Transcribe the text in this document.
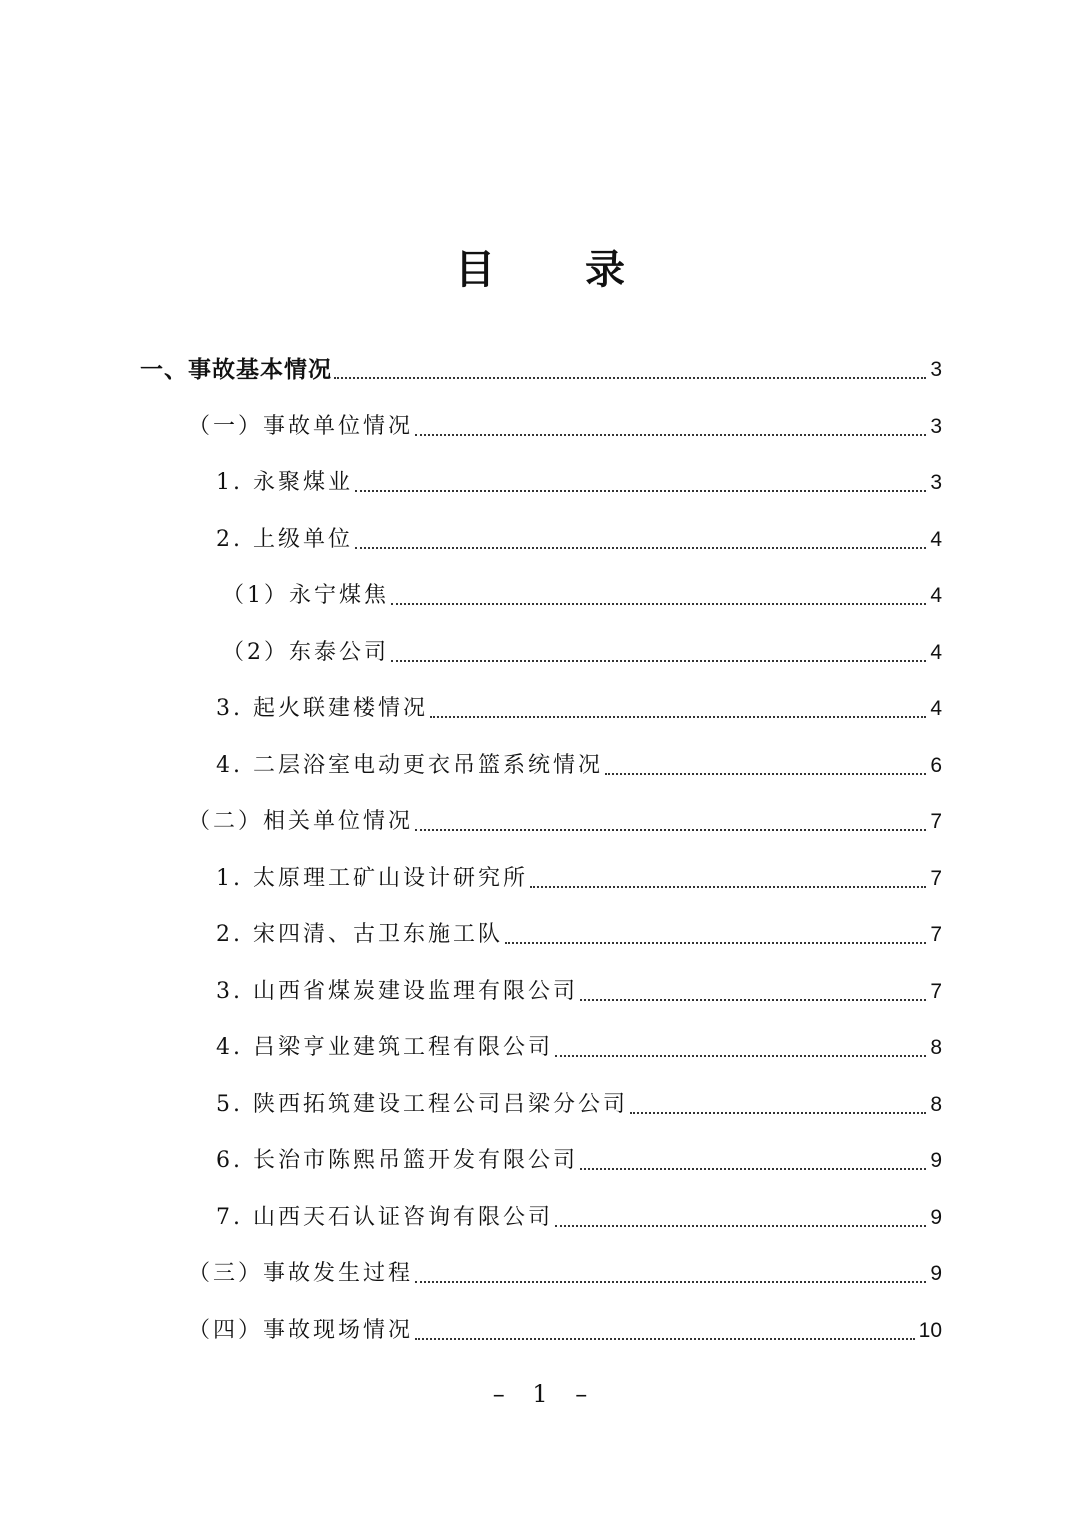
目 录
一、事故基本情况	3
（一）事故单位情况	3
1. 永聚煤业	3
2. 上级单位	4
（1）永宁煤焦	4
（2）东泰公司	4
3. 起火联建楼情况	4
4. 二层浴室电动更衣吊篮系统情况	6
（二）相关单位情况	7
1. 太原理工矿山设计研究所	7
2. 宋四清、古卫东施工队	7
3. 山西省煤炭建设监理有限公司	7
4. 吕梁亨业建筑工程有限公司	8
5. 陕西拓筑建设工程公司吕梁分公司	8
6. 长治市陈熙吊篮开发有限公司	9
7. 山西天石认证咨询有限公司	9
（三）事故发生过程	9
（四）事故现场情况	10
– 1 –
